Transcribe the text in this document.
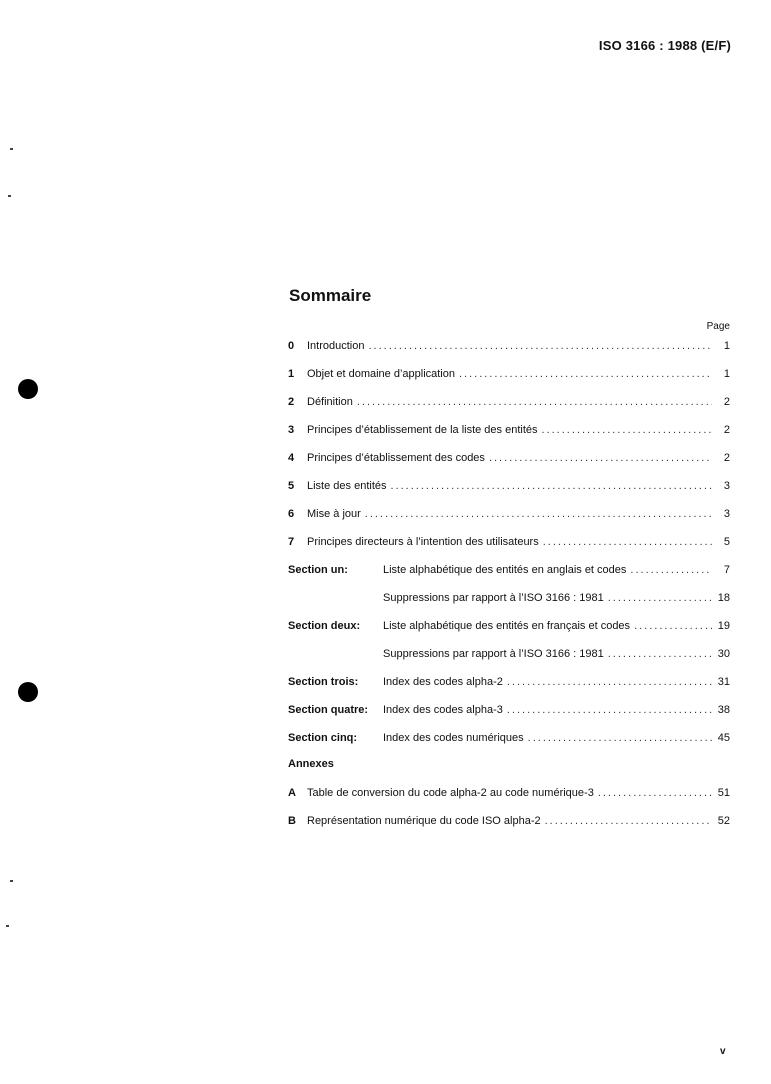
ISO 3166 : 1988 (E/F)
Sommaire
Page
0	Introduction .....	1
1	Objet et domaine d’application .....	1
2	Définition .....	2
3	Principes d’établissement de la liste des entités .....	2
4	Principes d’établissement des codes .....	2
5	Liste des entités .....	3
6	Mise à jour .....	3
7	Principes directeurs à l’intention des utilisateurs .....	5
Section un:	Liste alphabétique des entités en anglais et codes .....	7
Suppressions par rapport à l’ISO 3166 : 1981 .....	18
Section deux:	Liste alphabétique des entités en français et codes .....	19
Suppressions par rapport à l’ISO 3166 : 1981 .....	30
Section trois:	Index des codes alpha-2 .....	31
Section quatre:	Index des codes alpha-3 .....	38
Section cinq:	Index des codes numériques .....	45
Annexes
A	Table de conversion du code alpha-2 au code numérique-3 .....	51
B	Représentation numérique du code ISO alpha-2 .....	52
v
